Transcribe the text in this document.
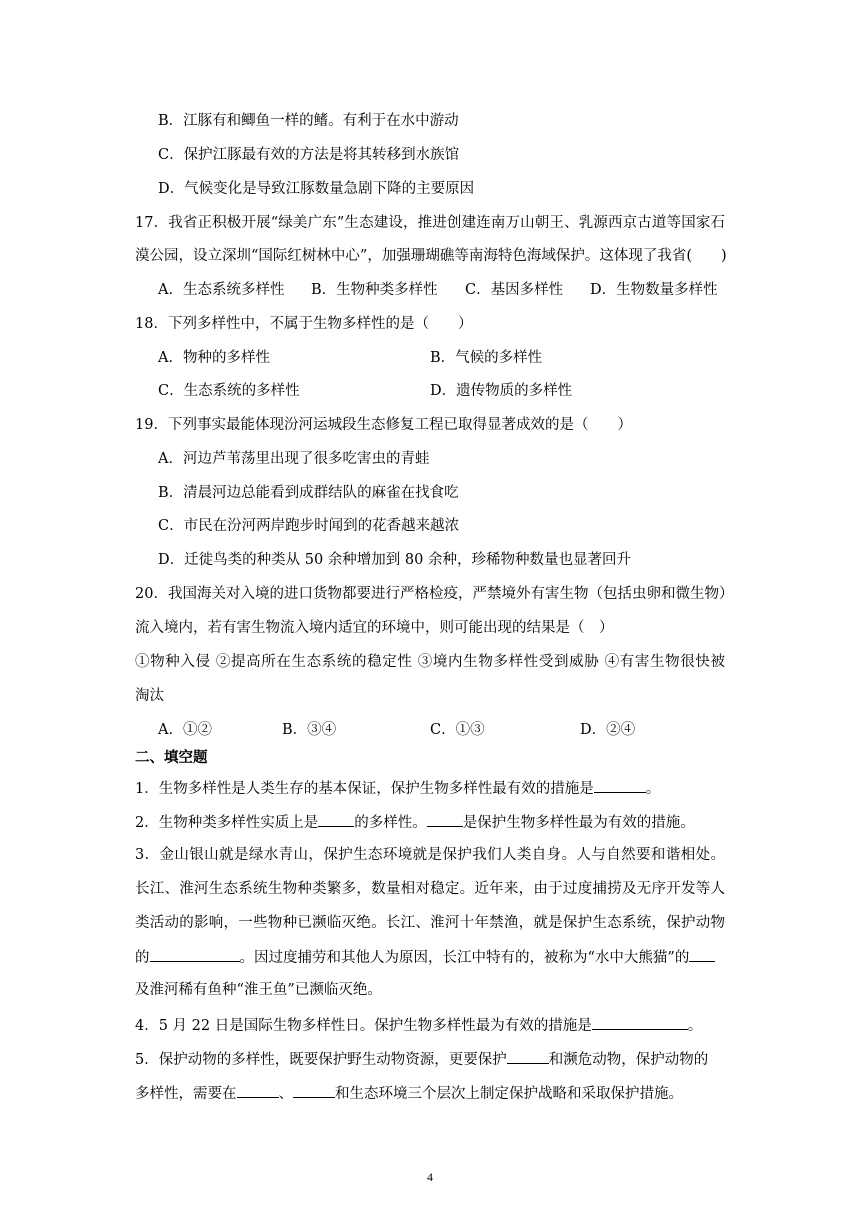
B．江豚有和鲫鱼一样的鳍。有利于在水中游动
C．保护江豚最有效的方法是将其转移到水族馆
D．气候变化是导致江豚数量急剧下降的主要原因
17．我省正积极开展“绿美广东”生态建设，推进创建连南万山朝王、乳源西京古道等国家石
漠公园，设立深圳“国际红树林中心”，加强珊瑚礁等南海特色海域保护。这体现了我省(　　)
A．生态系统多样性 B．生物种类多样性 C．基因多样性 D．生物数量多样性
18．下列多样性中，不属于生物多样性的是（　　）
A．物种的多样性	B．气候的多样性
C．生态系统的多样性	D．遗传物质的多样性
19．下列事实最能体现汾河运城段生态修复工程已取得显著成效的是（　　）
A．河边芦苇荡里出现了很多吃害虫的青蛙
B．清晨河边总能看到成群结队的麻雀在找食吃
C．市民在汾河两岸跑步时闻到的花香越来越浓
D．迁徙鸟类的种类从 50 余种增加到 80 余种，珍稀物种数量也显著回升
20．我国海关对入境的进口货物都要进行严格检疫，严禁境外有害生物（包括虫卵和微生物）
流入境内，若有害生物流入境内适宜的环境中，则可能出现的结果是（　）
①物种入侵 ②提高所在生态系统的稳定性 ③境内生物多样性受到威胁 ④有害生物很快被
淘汰
A．①②	B．③④	C．①③	D．②④
二、填空题
1．生物多样性是人类生存的基本保证，保护生物多样性最有效的措施是	。
2．生物种类多样性实质上是 的多样性。 是保护生物多样性最为有效的措施。
3．金山银山就是绿水青山，保护生态环境就是保护我们人类自身。人与自然要和谐相处。
长江、淮河生态系统生物种类繁多，数量相对稳定。近年来，由于过度捕捞及无序开发等人
类活动的影响，一些物种已濒临灭绝。长江、淮河十年禁渔，就是保护生态系统，保护动物
的	。因过度捕劳和其他人为原因，长江中特有的，被称为“水中大熊猫”的
及淮河稀有鱼种“淮王鱼”已濒临灭绝。
4．5 月 22 日是国际生物多样性日。保护生物多样性最为有效的措施是	。
5．保护动物的多样性，既要保护野生动物资源，更要保护	和濒危动物，保护动物的
多样性，需要在	、	和生态环境三个层次上制定保护战略和采取保护措施。
4
